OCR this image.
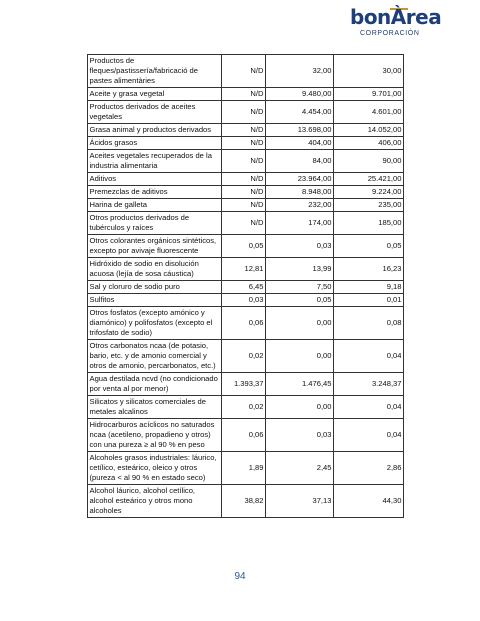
bonÀrea
CORPORACIÓN
Productos de fleques/pastissería/fabricació de pastes alimentàries	N/D	32,00	30,00
Aceite y grasa vegetal	N/D	9.480,00	9.701,00
Productos derivados de aceites vegetales	N/D	4.454,00	4.601,00
Grasa animal y productos derivados	N/D	13.698,00	14.052,00
Ácidos grasos	N/D	404,00	406,00
Aceites vegetales recuperados de la industria alimentaria	N/D	84,00	90,00
Aditivos	N/D	23.964,00	25.421,00
Premezclas de aditivos	N/D	8.948,00	9.224,00
Harina de galleta	N/D	232,00	235,00
Otros productos derivados de tubérculos y raíces	N/D	174,00	185,00
Otros colorantes orgánicos sintéticos, excepto por avivaje fluorescente	0,05	0,03	0,05
Hidróxido de sodio en disolución acuosa (lejía de sosa cáustica)	12,81	13,99	16,23
Sal y cloruro de sodio puro	6,45	7,50	9,18
Sulfitos	0,03	0,05	0,01
Otros fosfatos (excepto amónico y diamónico) y polifosfatos (excepto el trifosfato de sodio)	0,06	0,00	0,08
Otros carbonatos ncaa (de potasio, bario, etc. y de amonio comercial y otros de amonio, percarbonatos, etc.)	0,02	0,00	0,04
Agua destilada ncvd (no condicionado por venta al por menor)	1.393,37	1.476,45	3.248,37
Silicatos y silicatos comerciales de metales alcalinos	0,02	0,00	0,04
Hidrocarburos acíclicos no saturados ncaa (acetileno, propadieno y otros) con una pureza ≥ al 90 % en peso	0,06	0,03	0,04
Alcoholes grasos industriales: láurico, cetílico, esteárico, oleico y otros (pureza < al 90 % en estado seco)	1,89	2,45	2,86
Alcohol láurico, alcohol cetílico, alcohol esteárico y otros mono alcoholes	38,82	37,13	44,30
94
